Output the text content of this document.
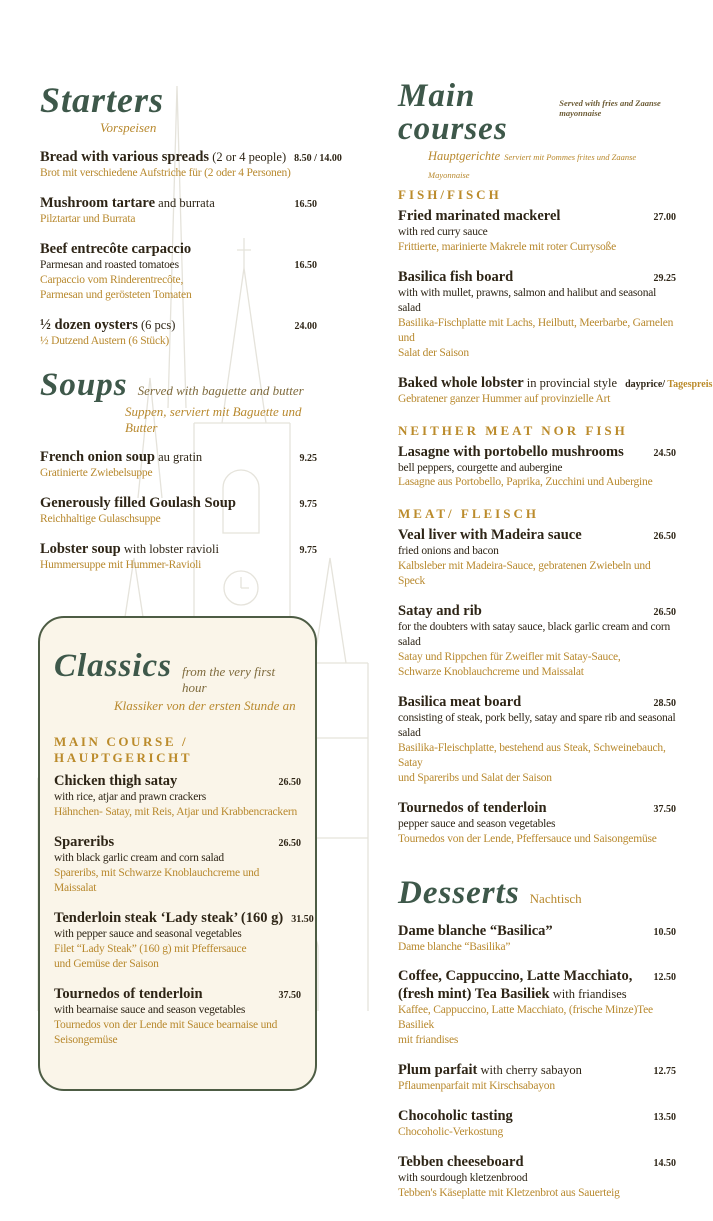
Starters
Vorspeisen
Bread with various spreads (2 or 4 people) 8.50 / 14.00
Brot mit verschiedene Aufstriche für (2 oder 4 Personen)
Mushroom tartare and burrata	16.50
Pilztartar und Burrata
Beef entrecôte carpaccio
Parmesan and roasted tomatoes	16.50
Carpaccio vom Rinderentrecôte,
Parmesan und gerösteten Tomaten
½ dozen oysters (6 pcs)	24.00
½ Dutzend Austern (6 Stück)
Soups Served with baguette and butter
Suppen, serviert mit Baguette und Butter
French onion soup au gratin	9.25
Gratinierte Zwiebelsuppe
Generously filled Goulash Soup	9.75
Reichhaltige Gulaschsuppe
Lobster soup with lobster ravioli	9.75
Hummersuppe mit Hummer-Ravioli
Classics from the very first hour
Klassiker von der ersten Stunde an
MAIN COURSE / HAUPTGERICHT
Chicken thigh satay	26.50
with rice, atjar and prawn crackers
Hähnchen- Satay, mit Reis, Atjar und Krabbencrackern
Spareribs	26.50
with black garlic cream and corn salad
Spareribs, mit Schwarze Knoblauchcreme und Maissalat
Tenderloin steak ‘Lady steak’ (160 g) 31.50
with pepper sauce and seasonal vegetables
Filet “Lady Steak” (160 g) mit Pfeffersauce
und Gemüse der Saison
Tournedos of tenderloin	37.50
with bearnaise sauce and season vegetables
Tournedos von der Lende mit Sauce bearnaise und Seisongemüse
Main courses
Served with fries and Zaanse mayonnaise
Hauptgerichte Serviert mit Pommes frites und Zaanse Mayonnaise
FISH/FISCH
Fried marinated mackerel	27.00
with red curry sauce
Frittierte, marinierte Makrele mit roter Currysoße
Basilica fish board	29.25
with with mullet, prawns, salmon and halibut and seasonal salad
Basilika-Fischplatte mit Lachs, Heilbutt, Meerbarbe, Garnelen und
Salat der Saison
Baked whole lobster in provincial style dayprice/ Tagespreis
Gebratener ganzer Hummer auf provinzielle Art
NEITHER MEAT NOR FISH
Lasagne with portobello mushrooms	24.50
bell peppers, courgette and aubergine
Lasagne aus Portobello, Paprika, Zucchini und Aubergine
MEAT/ FLEISCH
Veal liver with Madeira sauce	26.50
fried onions and bacon
Kalbsleber mit Madeira-Sauce, gebratenen Zwiebeln und Speck
Satay and rib	26.50
for the doubters with satay sauce, black garlic cream and corn salad
Satay und Rippchen für Zweifler mit Satay-Sauce,
Schwarze Knoblauchcreme und Maissalat
Basilica meat board	28.50
consisting of steak, pork belly, satay and spare rib and seasonal salad
Basilika-Fleischplatte, bestehend aus Steak, Schweinebauch, Satay
und Spareribs und Salat der Saison
Tournedos of tenderloin	37.50
pepper sauce and season vegetables
Tournedos von der Lende, Pfeffersauce und Saisongemüse
Desserts Nachtisch
Dame blanche “Basilica”	10.50
Dame blanche “Basilika”
Coffee, Cappuccino, Latte Macchiato,	12.50
(fresh mint) Tea Basiliek with friandises
Kaffee, Cappuccino, Latte Macchiato, (frische Minze)Tee Basiliek
mit friandises
Plum parfait with cherry sabayon	12.75
Pflaumenparfait mit Kirschsabayon
Chocoholic tasting	13.50
Chocoholic-Verkostung
Tebben cheeseboard	14.50
with sourdough kletzenbrood
Tebben's Käseplatte mit Kletzenbrot aus Sauerteig
